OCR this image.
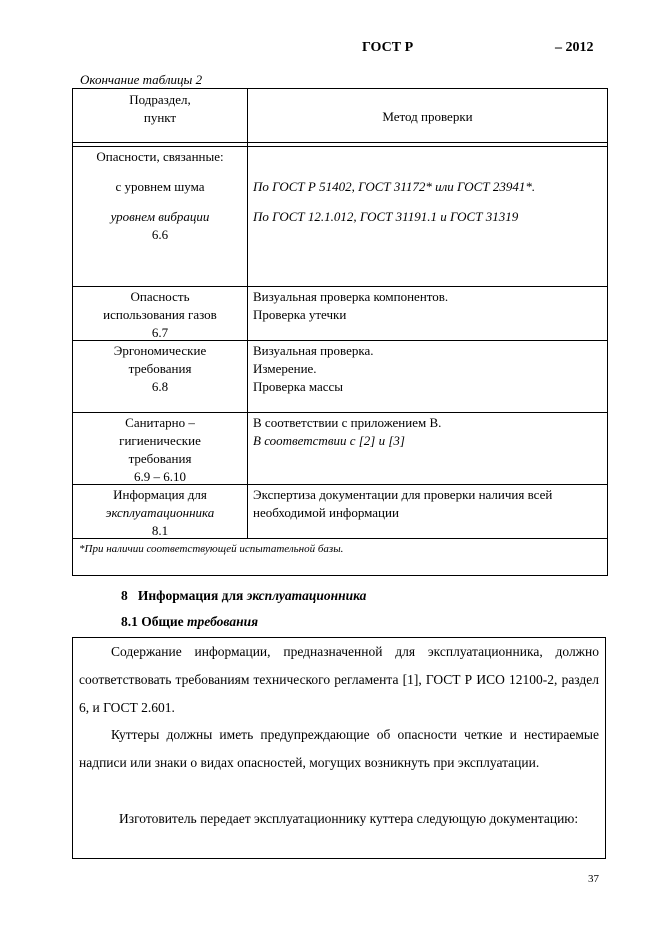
ГОСТ Р	– 2012
Окончание таблицы 2
Подраздел,
пункт	Метод проверки
Опасности, связанные:
с уровнем шума
уровнем вибрации
6.6
По ГОСТ Р 51402, ГОСТ 31172* или ГОСТ 23941*.
По ГОСТ 12.1.012, ГОСТ 31191.1 и ГОСТ 31319
Опасность
использования газов
6.7
Визуальная проверка компонентов.
Проверка утечки
Эргономические
требования
6.8
Визуальная проверка.
Измерение.
Проверка массы
Санитарно –
гигиенические
требования
6.9 – 6.10
В соответствии с приложением В.
В соответствии с [2] и [3]
Информация для
эксплуатационника
8.1
Экспертиза документации для проверки наличия всей
необходимой информации
*При наличии соответствующей испытательной базы.
8 Информация для эксплуатационника
8.1 Общие требования
Содержание информации, предназначенной для эксплуатационника, должно соответствовать требованиям технического регламента [1], ГОСТ Р ИСО 12100-2, раздел 6, и ГОСТ 2.601.
Куттеры должны иметь предупреждающие об опасности четкие и нестираемые надписи или знаки о видах опасностей, могущих возникнуть при эксплуатации.
Изготовитель передает эксплуатационнику куттера следующую документацию:
37
